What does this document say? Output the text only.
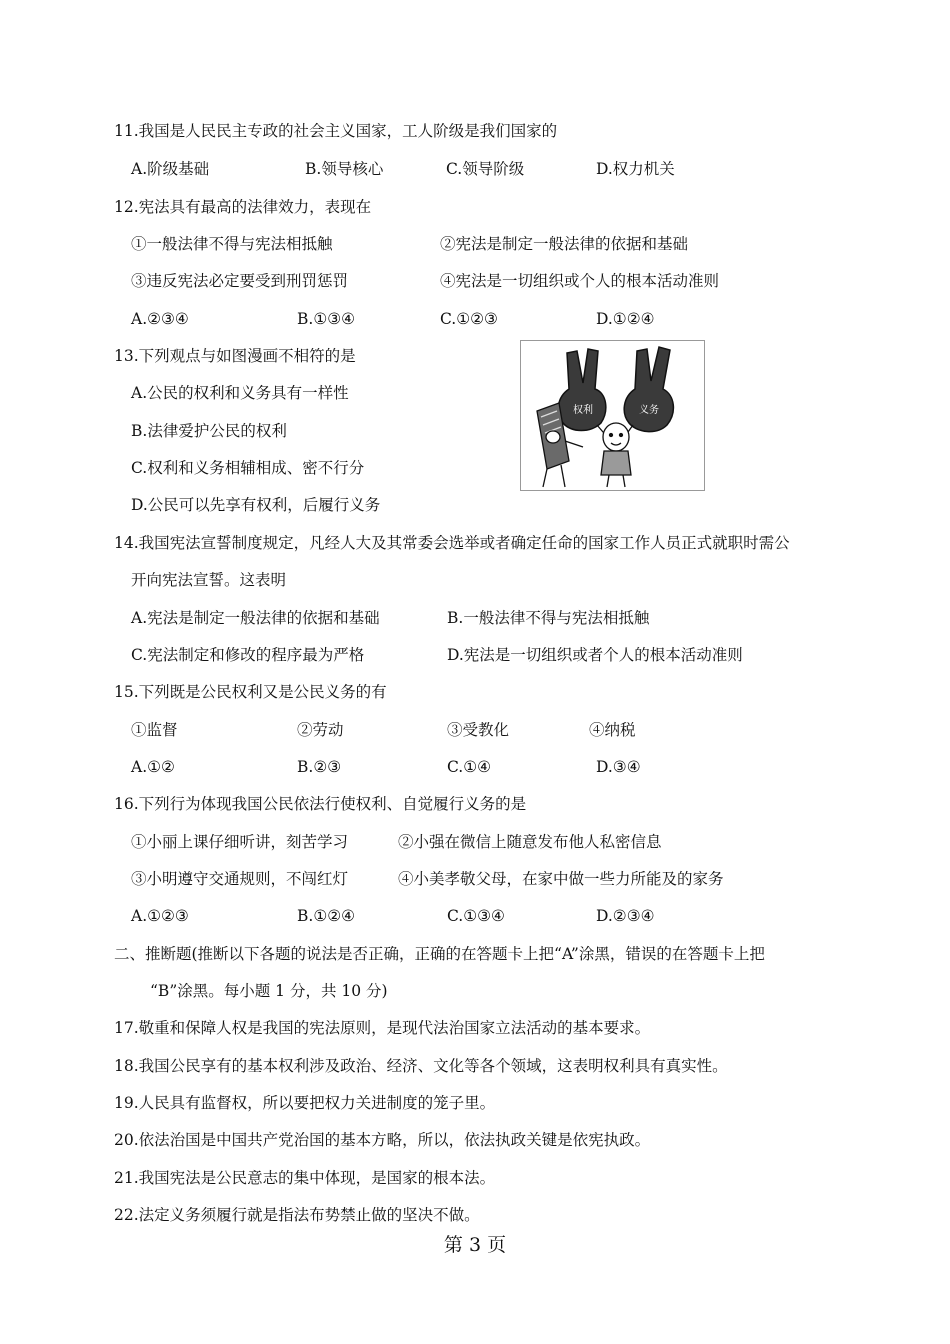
11.我国是人民民主专政的社会主义国家，工人阶级是我们国家的
A.阶级基础	B.领导核心	C.领导阶级	D.权力机关
12.宪法具有最高的法律效力，表现在
①一般法律不得与宪法相抵触	②宪法是制定一般法律的依据和基础
③违反宪法必定要受到刑罚惩罚	④宪法是一切组织或个人的根本活动准则
A.②③④	B.①③④	C.①②③	D.①②④
13.下列观点与如图漫画不相符的是
A.公民的权利和义务具有一样性
B.法律爱护公民的权利
C.权利和义务相辅相成、密不行分
D.公民可以先享有权利，后履行义务
权利	义务
14.我国宪法宣誓制度规定，凡经人大及其常委会选举或者确定任命的国家工作人员正式就职时需公
开向宪法宣誓。这表明
A.宪法是制定一般法律的依据和基础	B.一般法律不得与宪法相抵触
C.宪法制定和修改的程序最为严格	D.宪法是一切组织或者个人的根本活动准则
15.下列既是公民权利又是公民义务的有
①监督	②劳动	③受教化	④纳税
A.①②	B.②③	C.①④	D.③④
16.下列行为体现我国公民依法行使权利、自觉履行义务的是
①小丽上课仔细听讲，刻苦学习	②小强在微信上随意发布他人私密信息
③小明遵守交通规则，不闯红灯	④小美孝敬父母，在家中做一些力所能及的家务
A.①②③	B.①②④	C.①③④	D.②③④
二、推断题(推断以下各题的说法是否正确，正确的在答题卡上把“A”涂黑，错误的在答题卡上把
“B”涂黑。每小题 1 分，共 10 分)
17.敬重和保障人权是我国的宪法原则，是现代法治国家立法活动的基本要求。
18.我国公民享有的基本权利涉及政治、经济、文化等各个领域，这表明权利具有真实性。
19.人民具有监督权，所以要把权力关进制度的笼子里。
20.依法治国是中国共产党治国的基本方略，所以，依法执政关键是依宪执政。
21.我国宪法是公民意志的集中体现，是国家的根本法。
22.法定义务须履行就是指法布势禁止做的坚决不做。
第 3 页
